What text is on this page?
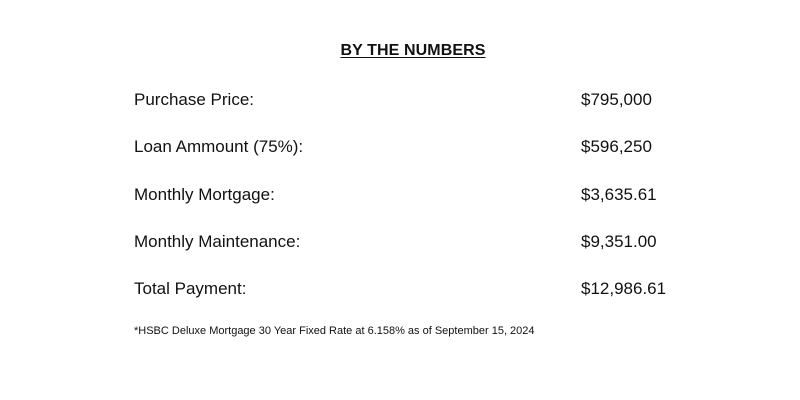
BY THE NUMBERS
Purchase Price:	$795,000
Loan Ammount (75%):	$596,250
Monthly Mortgage:	$3,635.61
Monthly Maintenance:	$9,351.00
Total Payment:	$12,986.61
*HSBC Deluxe Mortgage 30 Year Fixed Rate at 6.158% as of September 15, 2024
